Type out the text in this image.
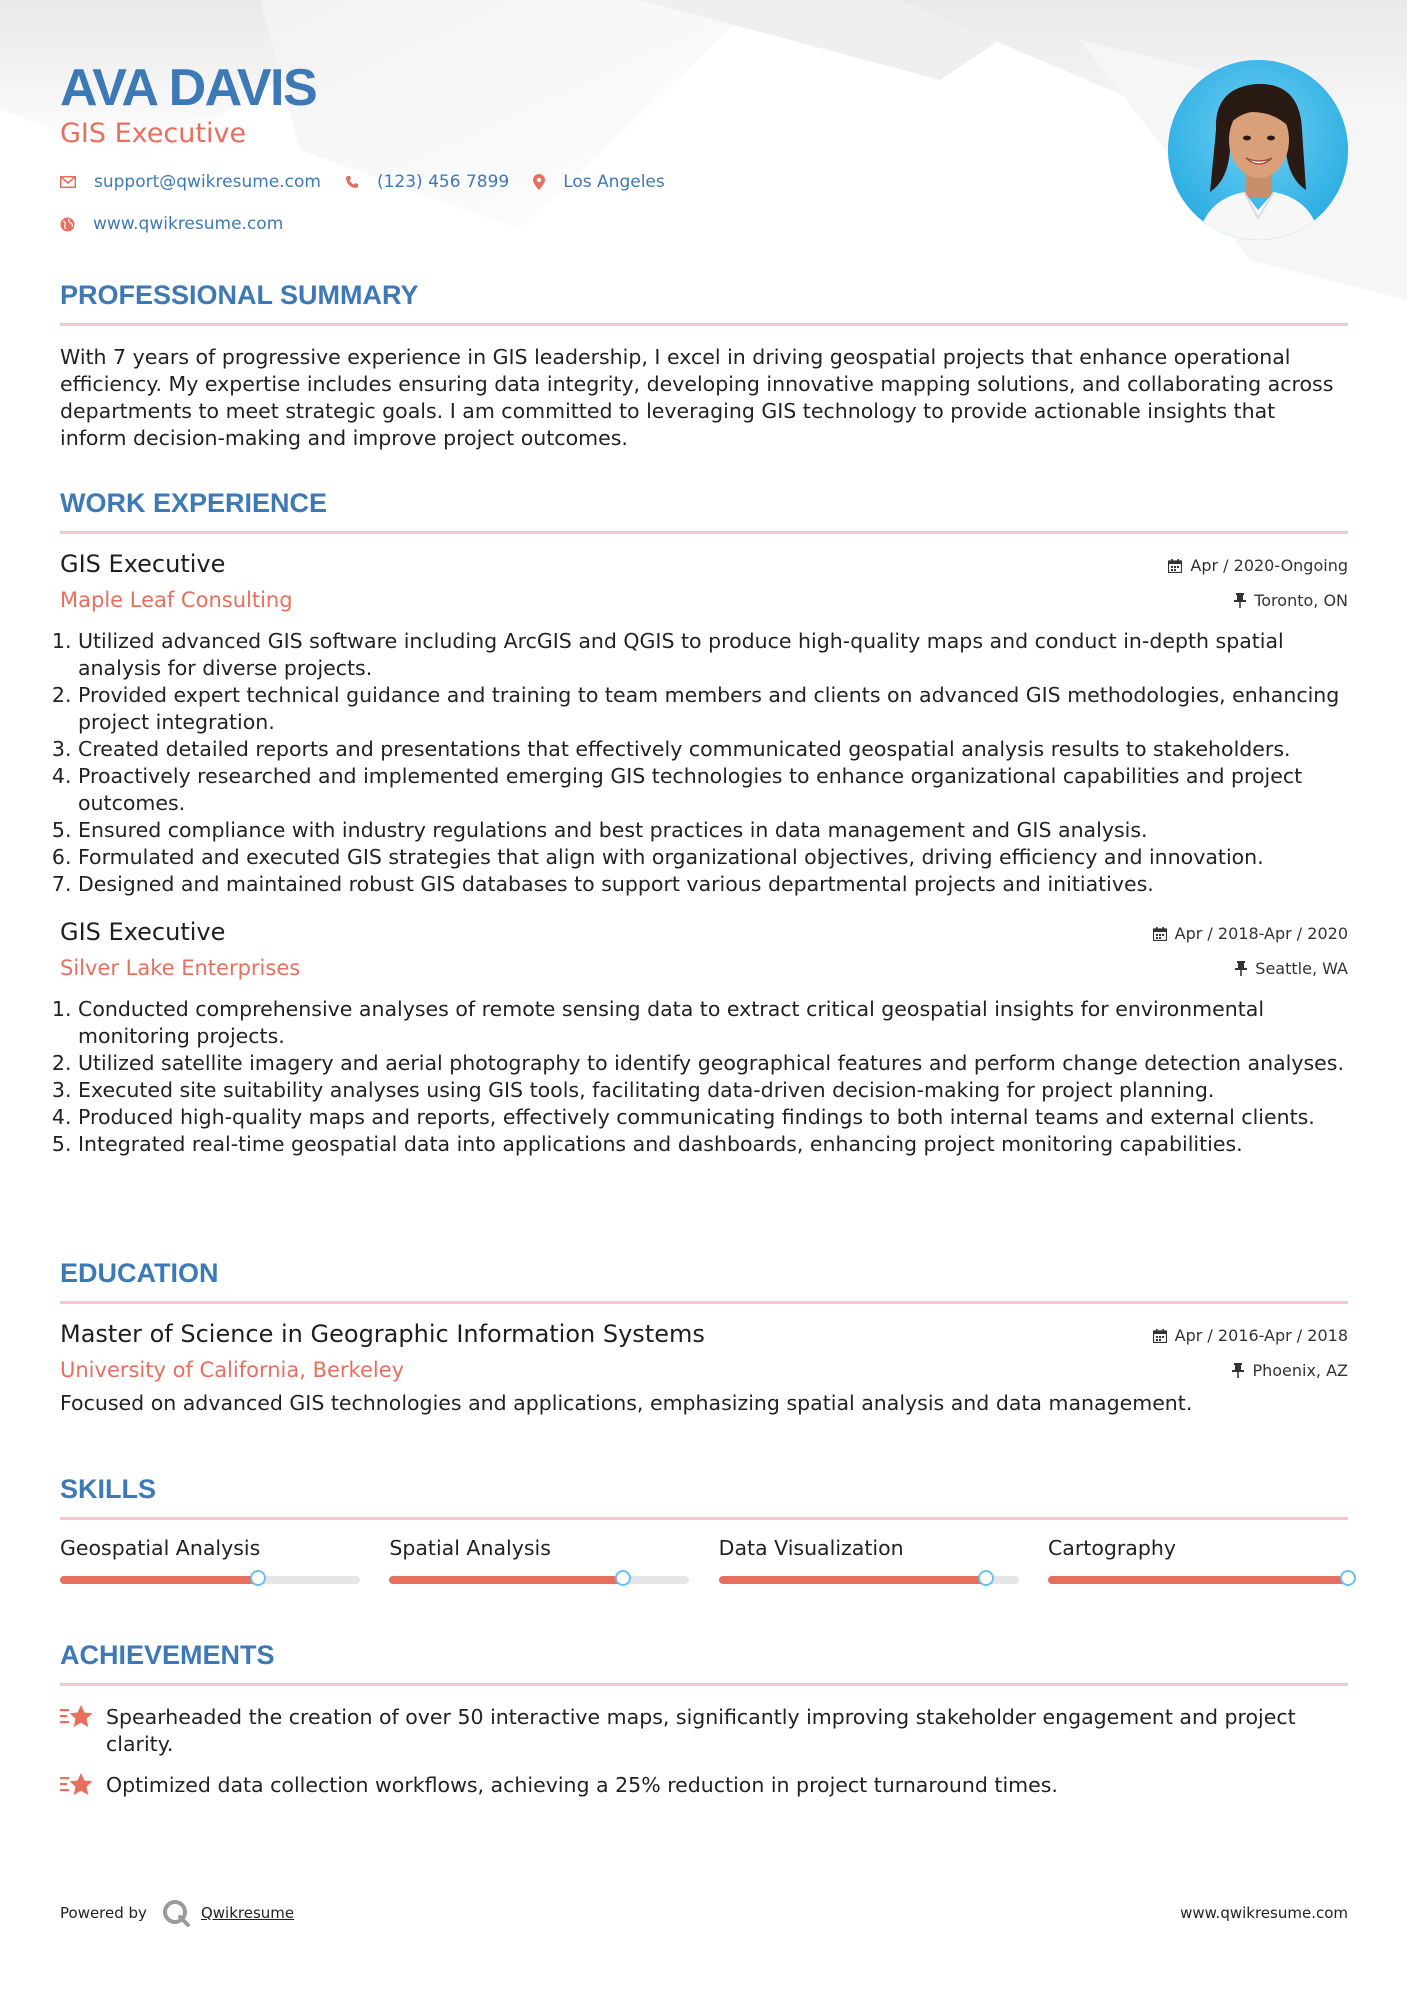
AVA DAVIS
GIS Executive
support@qwikresume.com	(123) 456 7899	Los Angeles
www.qwikresume.com
PROFESSIONAL SUMMARY

With 7 years of progressive experience in GIS leadership, I excel in driving geospatial projects that enhance operational efficiency. My expertise includes ensuring data integrity, developing innovative mapping solutions, and collaborating across departments to meet strategic goals. I am committed to leveraging GIS technology to provide actionable insights that inform decision-making and improve project outcomes.

WORK EXPERIENCE
GIS Executive
Maple Leaf Consulting
Apr / 2020-Ongoing
Toronto, ON
1. Utilized advanced GIS software including ArcGIS and QGIS to produce high-quality maps and conduct in-depth spatial analysis for diverse projects.
2. Provided expert technical guidance and training to team members and clients on advanced GIS methodologies, enhancing project integration.
3. Created detailed reports and presentations that effectively communicated geospatial analysis results to stakeholders.
4. Proactively researched and implemented emerging GIS technologies to enhance organizational capabilities and project outcomes.
5. Ensured compliance with industry regulations and best practices in data management and GIS analysis.
6. Formulated and executed GIS strategies that align with organizational objectives, driving efficiency and innovation.
7. Designed and maintained robust GIS databases to support various departmental projects and initiatives.
GIS Executive
Silver Lake Enterprises
Apr / 2018-Apr / 2020
Seattle, WA
1. Conducted comprehensive analyses of remote sensing data to extract critical geospatial insights for environmental monitoring projects.
2. Utilized satellite imagery and aerial photography to identify geographical features and perform change detection analyses.
3. Executed site suitability analyses using GIS tools, facilitating data-driven decision-making for project planning.
4. Produced high-quality maps and reports, effectively communicating findings to both internal teams and external clients.
5. Integrated real-time geospatial data into applications and dashboards, enhancing project monitoring capabilities.
EDUCATION
Master of Science in Geographic Information Systems
University of California, Berkeley
Apr / 2016-Apr / 2018
Phoenix, AZ

Focused on advanced GIS technologies and applications, emphasizing spatial analysis and data management.

SKILLS
Geospatial Analysis	Spatial Analysis	Data Visualization	Cartography
ACHIEVEMENTS

Spearheaded the creation of over 50 interactive maps, significantly improving stakeholder engagement and project clarity.

Optimized data collection workflows, achieving a 25% reduction in project turnaround times.

Powered by	Qwikresume	www.qwikresume.com
